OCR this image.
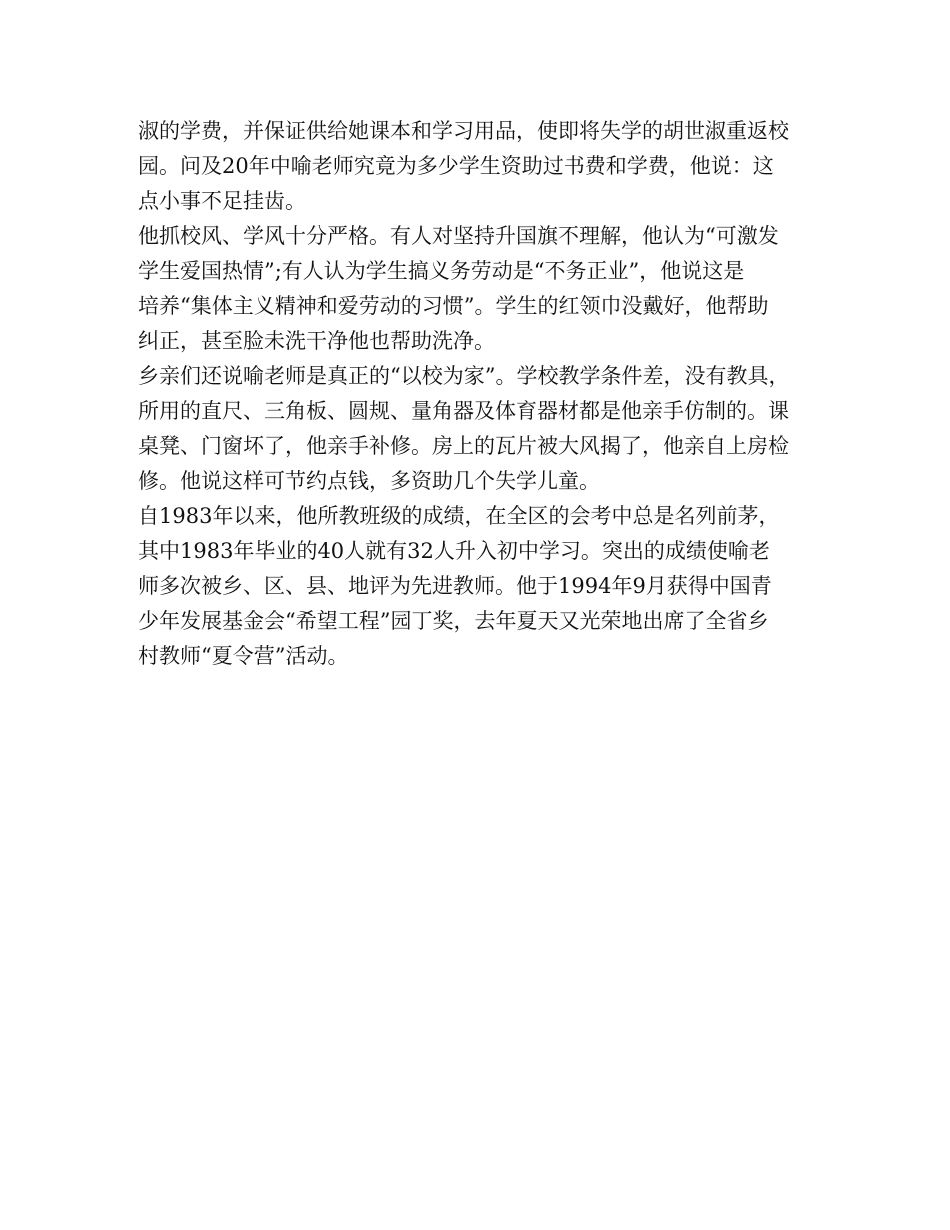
淑的学费，并保证供给她课本和学习用品，使即将失学的胡世淑重返校
园。问及20年中喻老师究竟为多少学生资助过书费和学费，他说：这
点小事不足挂齿。
他抓校风、学风十分严格。有人对坚持升国旗不理解，他认为“可激发
学生爱国热情”;有人认为学生搞义务劳动是“不务正业”，他说这是
培养“集体主义精神和爱劳动的习惯”。学生的红领巾没戴好，他帮助
纠正，甚至脸未洗干净他也帮助洗净。
乡亲们还说喻老师是真正的“以校为家”。学校教学条件差，没有教具，
所用的直尺、三角板、圆规、量角器及体育器材都是他亲手仿制的。课
桌凳、门窗坏了，他亲手补修。房上的瓦片被大风揭了，他亲自上房检
修。他说这样可节约点钱，多资助几个失学儿童。
自1983年以来，他所教班级的成绩，在全区的会考中总是名列前茅，
其中1983年毕业的40人就有32人升入初中学习。突出的成绩使喻老
师多次被乡、区、县、地评为先进教师。他于1994年9月获得中国青
少年发展基金会“希望工程”园丁奖，去年夏天又光荣地出席了全省乡
村教师“夏令营”活动。
